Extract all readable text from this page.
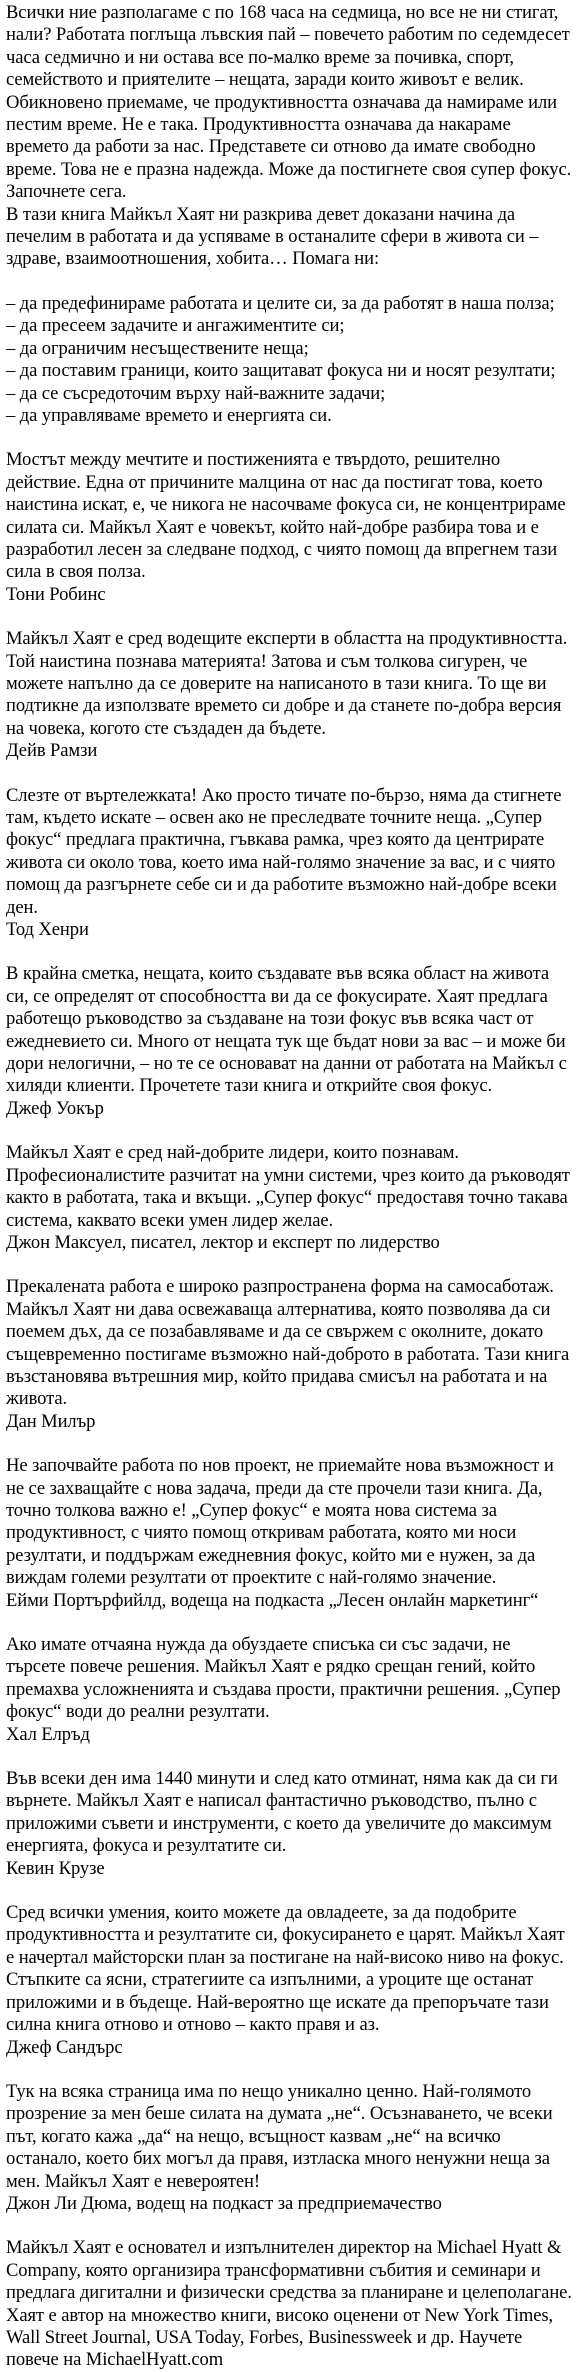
Всички ние разполагаме с по 168 часа на седмица, но все не ни стигат, нали? Работата поглъща лъвския пай – повечето работим по седемдесет часа седмично и ни остава все по-малко време за почивка, спорт, семейството и приятелите – нещата, заради които живоът е велик.

Обикновено приемаме, че продуктивността означава да намираме или пестим време. Не е така. Продуктивността означава да накараме времето да работи за нас. Представете си отново да имате свободно време. Това не е празна надежда. Може да постигнете своя супер фокус. Започнете сега.

В тази книга Майкъл Хаят ни разкрива девет доказани начина да печелим в работата и да успяваме в останалите сфери в живота си – здраве, взаимоотношения, хобита… Помага ни:

– да предефинираме работата и целите си, за да работят в наша полза;

– да пресеем задачите и ангажиментите си;

– да ограничим несъществените неща;

– да поставим граници, които защитават фокуса ни и носят резултати;

– да се съсредоточим върху най-важните задачи;

– да управляваме времето и енергията си.

Мостът между мечтите и постиженията е твърдото, решително действие. Една от причините малцина от нас да постигат това, което наистина искат, е, че никога не насочваме фокуса си, не концентрираме силата си. Майкъл Хаят е човекът, който най-добре разбира това и е разработил лесен за следване подход, с чиято помощ да впрегнем тази сила в своя полза.

Тони Робинс

Майкъл Хаят е сред водещите експерти в областта на продуктивността. Той наистина познава материята! Затова и съм толкова сигурен, че можете напълно да се доверите на написаното в тази книга. То ще ви подтикне да използвате времето си добре и да станете по-добра версия на човека, когото сте създаден да бъдете.

Дейв Рамзи

Слезте от въртележката! Ако просто тичате по-бързо, няма да стигнете там, където искате – освен ако не преследвате точните неща. „Супер фокус“ предлага практична, гъвкава рамка, чрез която да центрирате живота си около това, което има най-голямо значение за вас, и с чиято помощ да разгърнете себе си и да работите възможно най-добре всеки ден.

Тод Хенри

В крайна сметка, нещата, които създавате във всяка област на живота си, се определят от способността ви да се фокусирате. Хаят предлага работещо ръководство за създаване на този фокус във всяка част от ежедневието си. Много от нещата тук ще бъдат нови за вас – и може би дори нелогични, – но те се основават на данни от работата на Майкъл с хиляди клиенти. Прочетете тази книга и открийте своя фокус.

Джеф Уокър

Майкъл Хаят е сред най-добрите лидери, които познавам. Професионалистите разчитат на умни системи, чрез които да ръководят както в работата, така и вкъщи. „Супер фокус“ предоставя точно такава система, каквато всеки умен лидер желае.

Джон Максуел, писател, лектор и експерт по лидерство

Прекалената работа е широко разпространена форма на самосаботаж. Майкъл Хаят ни дава освежаваща алтернатива, която позволява да си поемем дъх, да се позабавляваме и да се свържем с околните, докато същевременно постигаме възможно най-доброто в работата. Тази книга възстановява вътрешния мир, който придава смисъл на работата и на живота.

Дан Милър

Не започвайте работа по нов проект, не приемайте нова възможност и не се захващайте с нова задача, преди да сте прочели тази книга. Да, точно толкова важно е! „Супер фокус“ е моята нова система за продуктивност, с чиято помощ откривам работата, която ми носи резултати, и поддържам ежедневния фокус, който ми е нужен, за да виждам големи резултати от проектите с най-голямо значение.

Ейми Портърфийлд, водеща на подкаста „Лесен онлайн маркетинг“

Ако имате отчаяна нужда да обуздаете списъка си със задачи, не търсете повече решения. Майкъл Хаят е рядко срещан гений, който премахва усложненията и създава прости, практични решения. „Супер фокус“ води до реални резултати.

Хал Елръд

Във всеки ден има 1440 минути и след като отминат, няма как да си ги върнете. Майкъл Хаят е написал фантастично ръководство, пълно с приложими съвети и инструменти, с което да увеличите до максимум енергията, фокуса и резултатите си.

Кевин Крузе

Сред всички умения, които можете да овладеете, за да подобрите продуктивността и резултатите си, фокусирането е царят. Майкъл Хаят е начертал майсторски план за постигане на най-високо ниво на фокус. Стъпките са ясни, стратегиите са изпълними, а уроците ще останат приложими и в бъдеще. Най-вероятно ще искате да препоръчате тази силна книга отново и отново – както правя и аз.

Джеф Сандърс

Тук на всяка страница има по нещо уникално ценно. Най-голямото прозрение за мен беше силата на думата „не“. Осъзнаването, че всеки път, когато кажа „да“ на нещо, всъщност казвам „не“ на всичко останало, което бих могъл да правя, изтласка много ненужни неща за мен. Майкъл Хаят е невероятен!

Джон Ли Дюма, водещ на подкаст за предприемачество

Майкъл Хаят е основател и изпълнителен директор на Michael Hyatt & Company, която организира трансформативни събития и семинари и предлага дигитални и физически средства за планиране и целеполагане. Хаят е автор на множество книги, високо оценени от New York Times, Wall Street Journal, USA Today, Forbes, Businessweek и др. Научете повече на MichaelHyatt.com
